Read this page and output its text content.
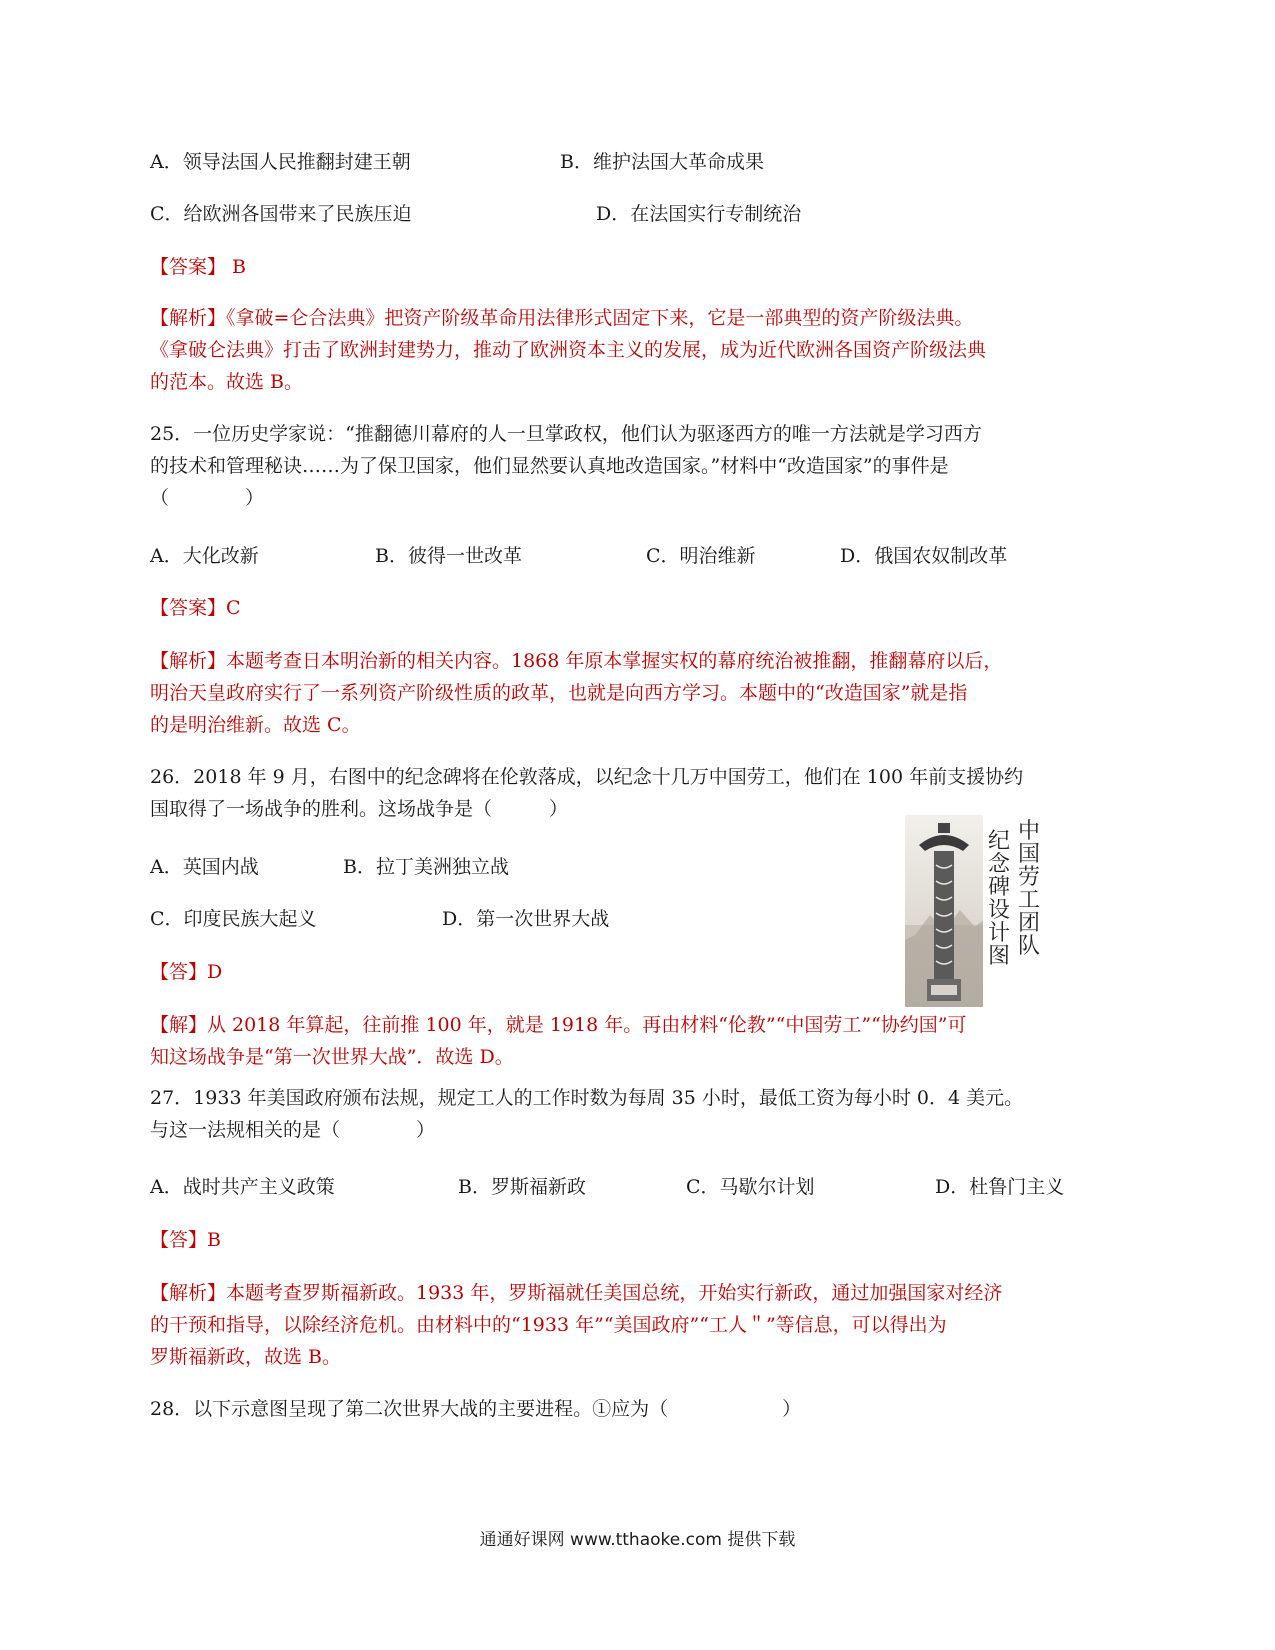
A．领导法国人民推翻封建王朝	B．维护法国大革命成果
C．给欧洲各国带来了民族压迫	D．在法国实行专制统治
【答案】 B
【解析】《拿破=仑合法典》把资产阶级革命用法律形式固定下来，它是一部典型的资产阶级法典。
《拿破仑法典》打击了欧洲封建势力，推动了欧洲资本主义的发展，成为近代欧洲各国资产阶级法典
的范本。故选 B。
25．一位历史学家说：“推翻德川幕府的人一旦掌政权，他们认为驱逐西方的唯一方法就是学习西方
的技术和管理秘诀……为了保卫国家，他们显然要认真地改造国家。”材料中“改造国家”的事件是
（　　　　）
A．大化改新	B．彼得一世改革	C．明治维新	D．俄国农奴制改革
【答案】C
【解析】本题考查日本明治新的相关内容。1868 年原本掌握实权的幕府统治被推翻，推翻幕府以后，
明治天皇政府实行了一系列资产阶级性质的政革，也就是向西方学习。本题中的“改造国家”就是指
的是明治维新。故选 C。
26．2018 年 9 月，右图中的纪念碑将在伦敦落成，以纪念十几万中国劳工，他们在 100 年前支援协约
国取得了一场战争的胜利。这场战争是（　　　）
A．英国内战	B．拉丁美洲独立战
C．印度民族大起义	D．第一次世界大战
【答】D
【解】从 2018 年算起，往前推 100 年，就是 1918 年。再由材料“伦教”“中国劳工”“协约国”可
知这场战争是“第一次世界大战”．故选 D。
中国劳工团队
纪念碑设计图
27．1933 年美国政府颁布法规，规定工人的工作时数为每周 35 小时，最低工资为每小时 0．4 美元。
与这一法规相关的是（　　　　）
A．战时共产主义政策	B．罗斯福新政	C．马歇尔计划	D．杜鲁门主义
【答】B
【解析】本题考查罗斯福新政。1933 年，罗斯福就任美国总统，开始实行新政，通过加强国家对经济
的干预和指导，以除经济危机。由材料中的“1933 年”“美国政府”“工人＂”等信息，可以得出为
罗斯福新政，故选 B。
28．以下示意图呈现了第二次世界大战的主要进程。①应为（　　　　　　）
通通好课网 www.tthaoke.com 提供下载
